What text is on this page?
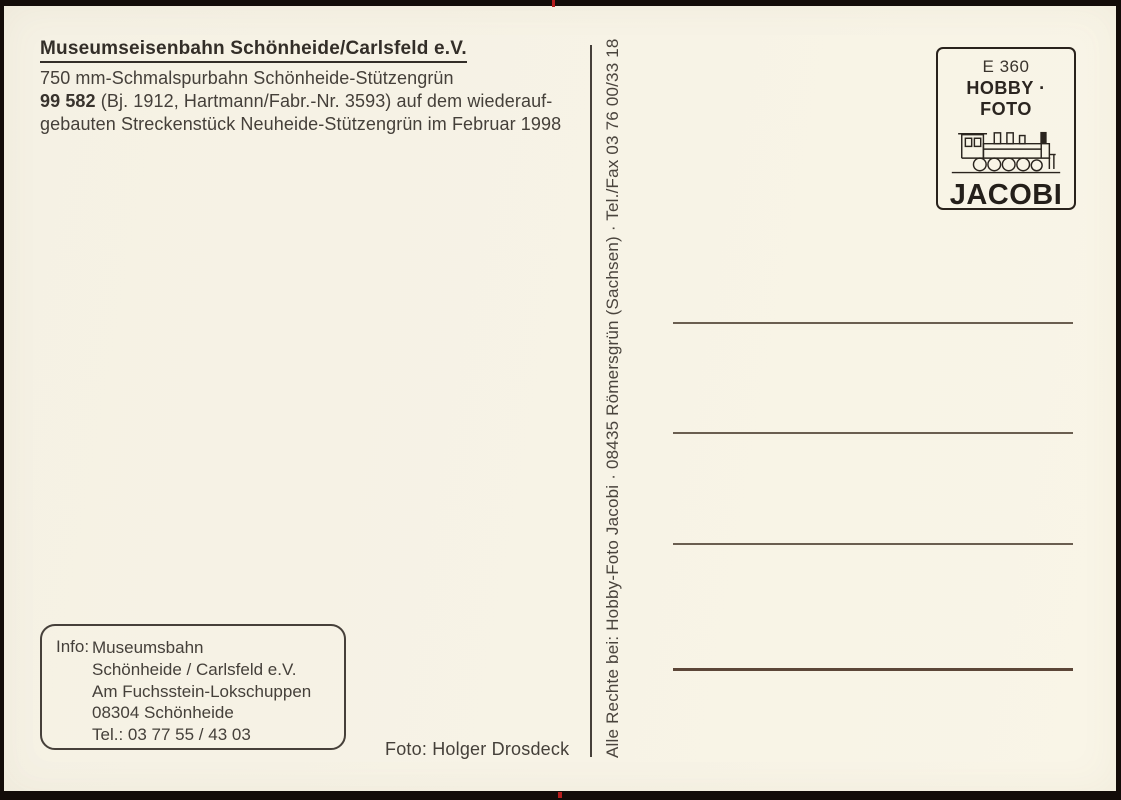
Museumseisenbahn Schönheide/Carlsfeld e.V.
750 mm-Schmalspurbahn Schönheide-Stützengrün
99 582 (Bj. 1912, Hartmann/Fabr.-Nr. 3593) auf dem wiederauf-
gebauten Streckenstück Neuheide-Stützengrün im Februar 1998
E 360
HOBBY · FOTO
JACOBI
Alle Rechte bei: Hobby-Foto Jacobi · 08435 Römersgrün (Sachsen) · Tel./Fax 03 76 00/33 18
Info: Museumsbahn
Schönheide / Carlsfeld e.V.
Am Fuchsstein-Lokschuppen
08304 Schönheide
Tel.: 03 77 55 / 43 03
Foto: Holger Drosdeck
